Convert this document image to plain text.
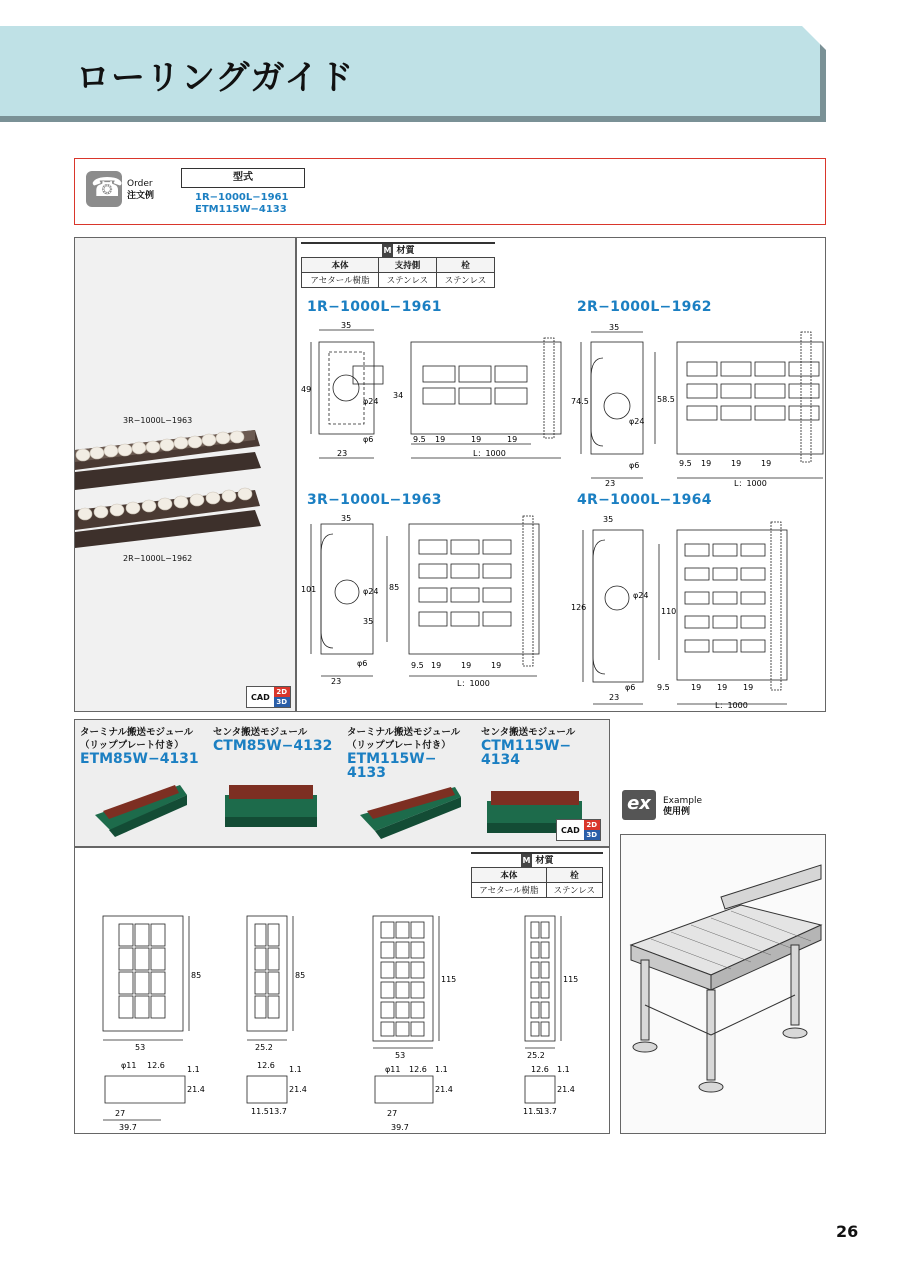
ローリングガイド
☎
Order
注文例
型式
1R−1000L−1961
ETM115W−4133
3R−1000L−1963
2R−1000L−1962
M 材質
本体	支持側	栓
アセタール樹脂	ステンレス	ステンレス
1R−1000L−1961
35
49
34
φ24
φ6
23
9.5 19	19	19
L：1000
2R−1000L−1962
35
74.5	58.5
φ24
φ6
23
9.5 19 19 19
L：1000
3R−1000L−1963
35
101	85
φ24
35
φ6
23
9.5 19 19 19
L：1000
4R−1000L−1964
35
126	110
φ24
φ6
23
9.5	19 19 19
L：1000
CAD
2D
3D
ターミナル搬送モジュール
（リッププレート付き）
ETM85W−4131
センタ搬送モジュール
CTM85W−4132
ターミナル搬送モジュール
（リッププレート付き）
ETM115W−
4133
センタ搬送モジュール
CTM115W−
4134
CAD
2D
3D
M 材質
本体	栓
アセタール樹脂	ステンレス
85
53
φ11 12.6	1.1
21.4
27
39.7
85
25.2
12.6 1.1
21.4
11.5 13.7
115
53
φ11 12.6 1.1
21.4
27
39.7
115
25.2
12.6 1.1
21.4
11.5
13.7
ex	Example
使用例
26
